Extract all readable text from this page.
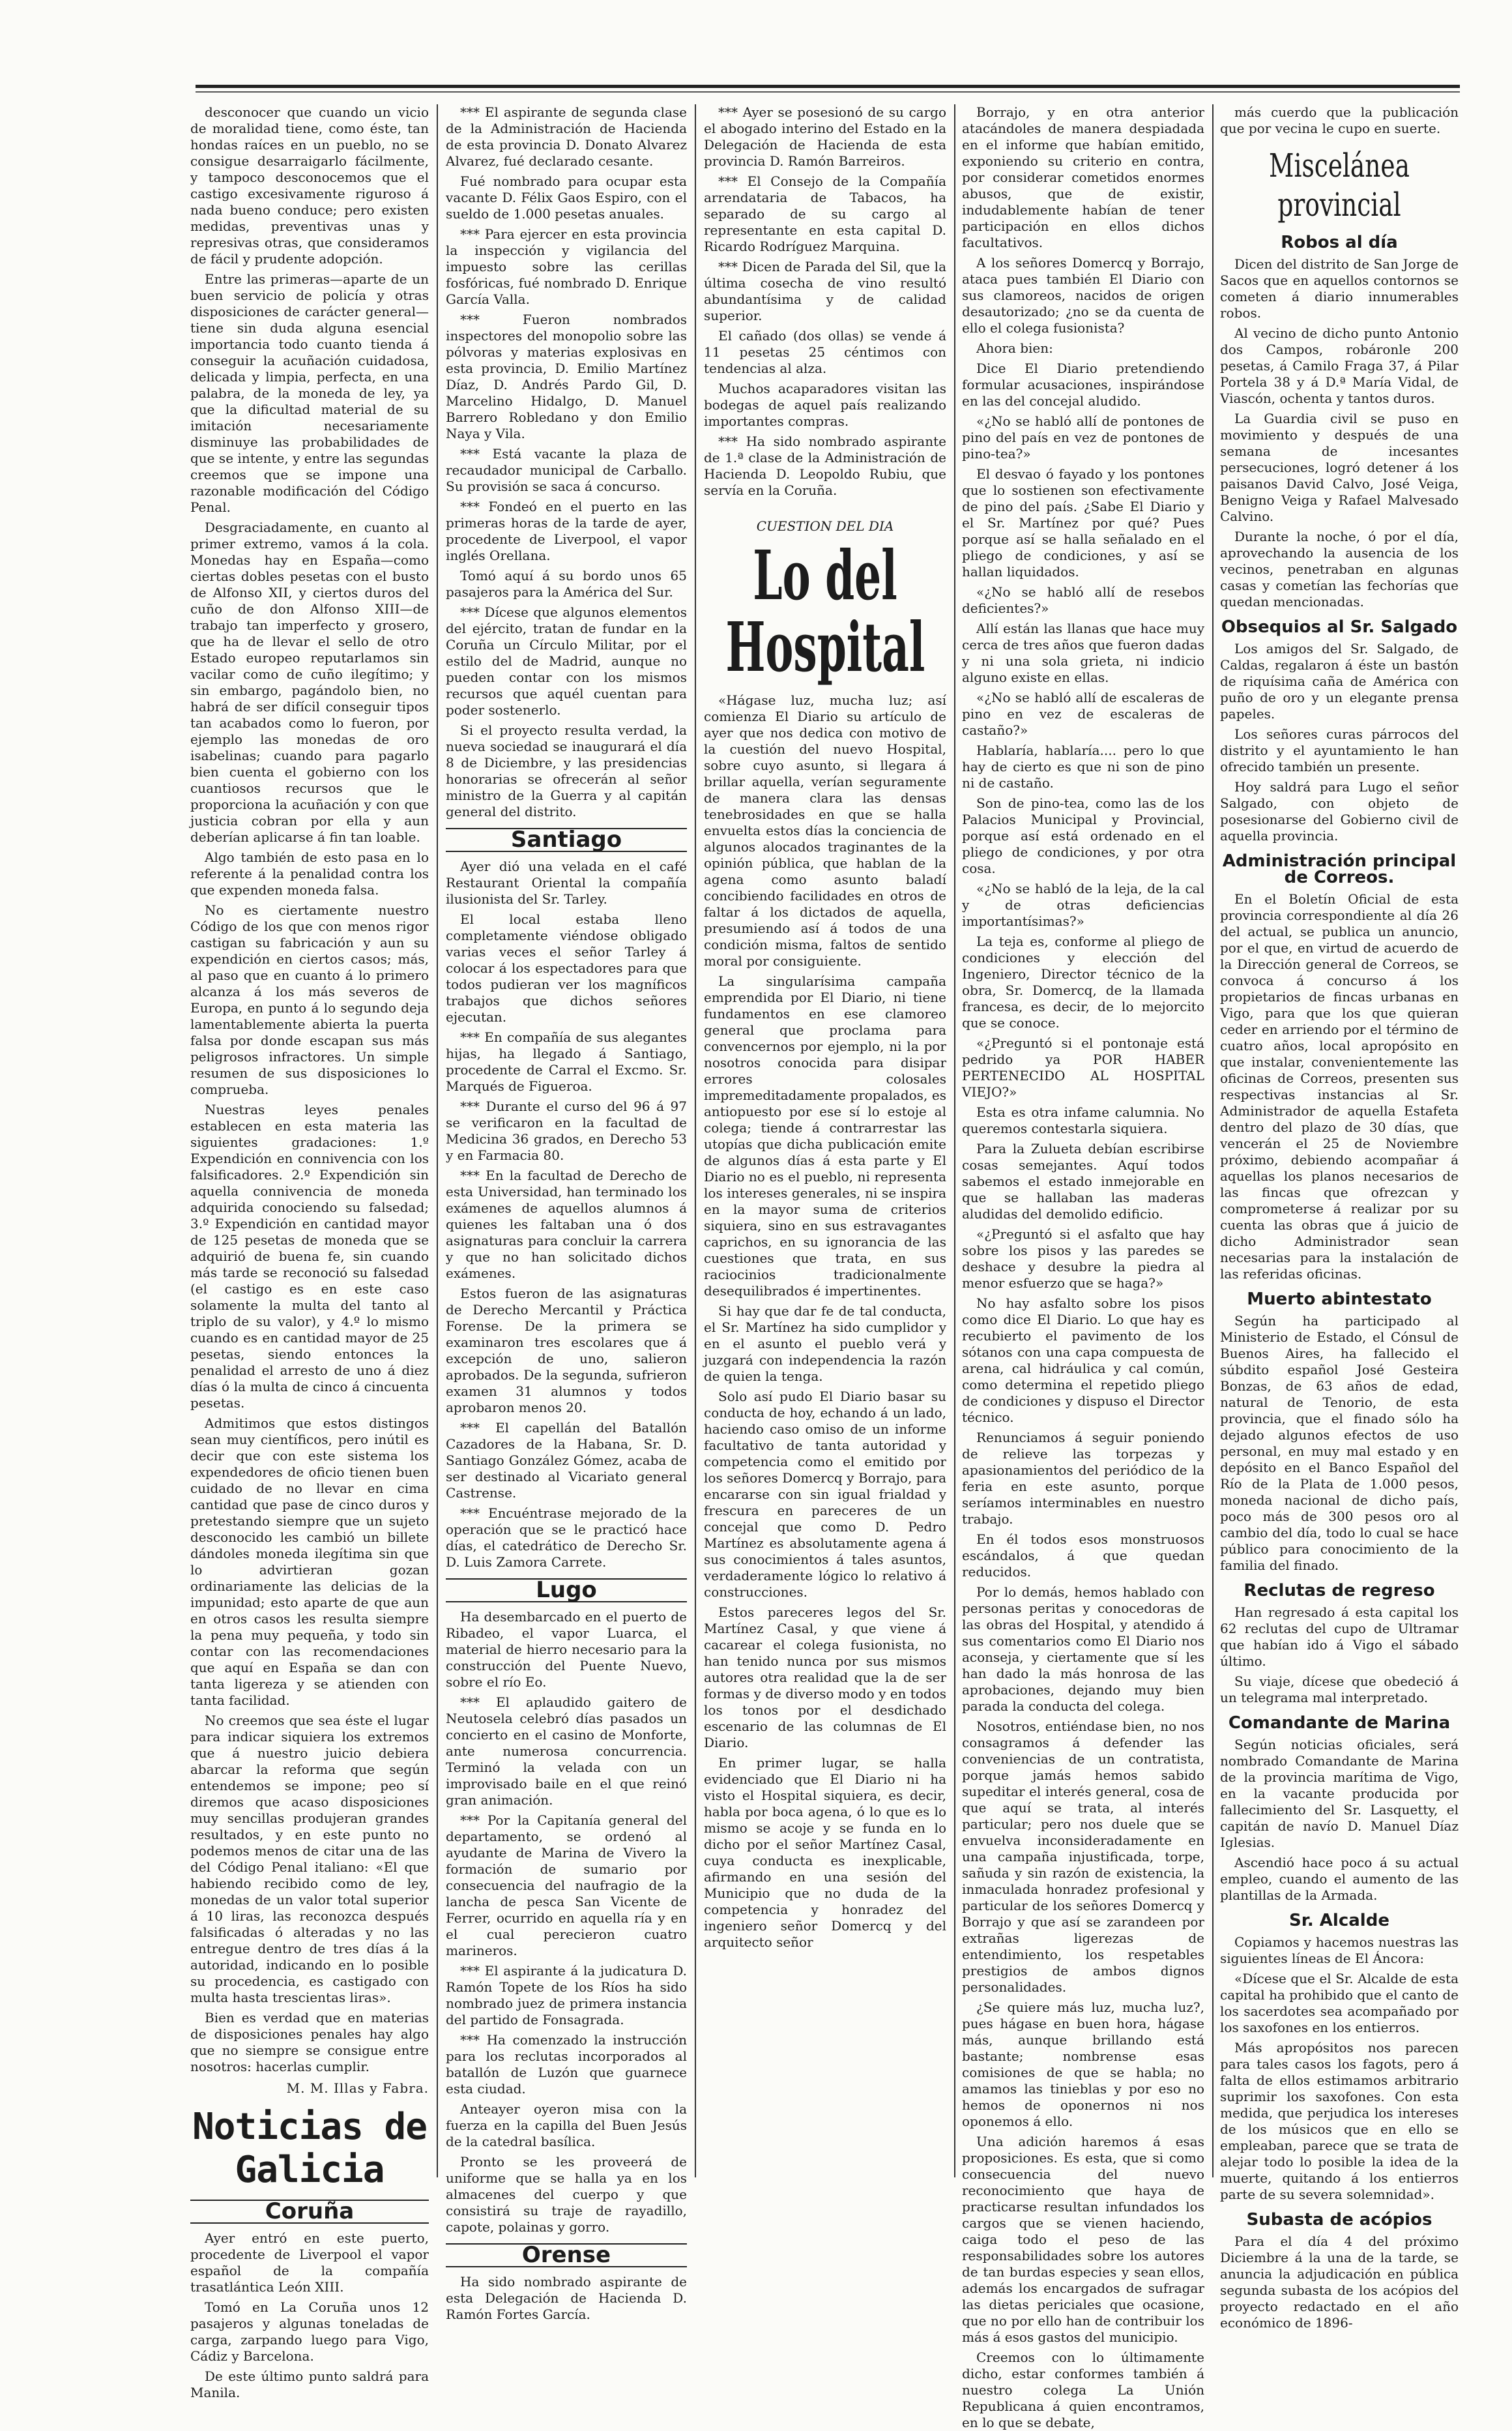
desconocer que cuando un vicio de moralidad tiene, como éste, tan hondas raíces en un pueblo, no se consigue desarraigarlo fácilmente, y tampoco desconocemos que el castigo excesivamente riguroso á nada bueno conduce; pero existen medidas, preventivas unas y represivas otras, que consideramos de fácil y prudente adopción.

Entre las primeras—aparte de un buen servicio de policía y otras disposiciones de carácter general—tiene sin duda alguna esencial importancia todo cuanto tienda á conseguir la acuñación cuidadosa, delicada y limpia, perfecta, en una palabra, de la moneda de ley, ya que la dificultad material de su imitación necesariamente disminuye las probabilidades de que se intente, y entre las segundas creemos que se impone una razonable modificación del Código Penal.

Desgraciadamente, en cuanto al primer extremo, vamos á la cola. Monedas hay en España—como ciertas dobles pesetas con el busto de Alfonso XII, y ciertos duros del cuño de don Alfonso XIII—de trabajo tan imperfecto y grosero, que ha de llevar el sello de otro Estado europeo reputarlamos sin vacilar como de cuño ilegítimo; y sin embargo, pagándolo bien, no habrá de ser difícil conseguir tipos tan acabados como lo fueron, por ejemplo las monedas de oro isabelinas; cuando para pagarlo bien cuenta el gobierno con los cuantiosos recursos que le proporciona la acuñación y con que justicia cobran por ella y aun deberían aplicarse á fin tan loable.

Algo también de esto pasa en lo referente á la penalidad contra los que expenden moneda falsa.

No es ciertamente nuestro Código de los que con menos rigor castigan su fabricación y aun su expendición en ciertos casos; más, al paso que en cuanto á lo primero alcanza á los más severos de Europa, en punto á lo segundo deja lamentablemente abierta la puerta falsa por donde escapan sus más peligrosos infractores. Un simple resumen de sus disposiciones lo comprueba.

Nuestras leyes penales establecen en esta materia las siguientes gradaciones: 1.º Expendición en connivencia con los falsificadores. 2.º Expendición sin aquella connivencia de moneda adquirida conociendo su falsedad; 3.º Expendición en cantidad mayor de 125 pesetas de moneda que se adquirió de buena fe, sin cuando más tarde se reconoció su falsedad (el castigo es en este caso solamente la multa del tanto al triplo de su valor), y 4.º lo mismo cuando es en cantidad mayor de 25 pesetas, siendo entonces la penalidad el arresto de uno á diez días ó la multa de cinco á cincuenta pesetas.

Admitimos que estos distingos sean muy científicos, pero inútil es decir que con este sistema los expendedores de oficio tienen buen cuidado de no llevar en cima cantidad que pase de cinco duros y pretestando siempre que un sujeto desconocido les cambió un billete dándoles moneda ilegítima sin que lo advirtieran gozan ordinariamente las delicias de la impunidad; esto aparte de que aun en otros casos les resulta siempre la pena muy pequeña, y todo sin contar con las recomendaciones que aquí en España se dan con tanta ligereza y se atienden con tanta facilidad.

No creemos que sea éste el lugar para indicar siquiera los extremos que á nuestro juicio debiera abarcar la reforma que según entendemos se impone; peo sí diremos que acaso disposiciones muy sencillas produjeran grandes resultados, y en este punto no podemos menos de citar una de las del Código Penal italiano: «El que habiendo recibido como de ley, monedas de un valor total superior á 10 liras, las reconozca después falsificadas ó alteradas y no las entregue dentro de tres días á la autoridad, indicando en lo posible su procedencia, es castigado con multa hasta trescientas liras».

Bien es verdad que en materias de disposiciones penales hay algo que no siempre se consigue entre nosotros: hacerlas cumplir.

M. M. Illas y Fabra.
Noticias de Galicia
Coruña

Ayer entró en este puerto, procedente de Liverpool el vapor español de la compañía trasatlántica León XIII.

Tomó en La Coruña unos 12 pasajeros y algunas toneladas de carga, zarpando luego para Vigo, Cádiz y Barcelona.

De este último punto saldrá para Manila.

*** El aspirante de segunda clase de la Administración de Hacienda de esta provincia D. Donato Alvarez Alvarez, fué declarado cesante.

Fué nombrado para ocupar esta vacante D. Félix Gaos Espiro, con el sueldo de 1.000 pesetas anuales.

*** Para ejercer en esta provincia la inspección y vigilancia del impuesto sobre las cerillas fosfóricas, fué nombrado D. Enrique García Valla.

*** Fueron nombrados inspectores del monopolio sobre las pólvoras y materias explosivas en esta provincia, D. Emilio Martínez Díaz, D. Andrés Pardo Gil, D. Marcelino Hidalgo, D. Manuel Barrero Robledano y don Emilio Naya y Vila.

*** Está vacante la plaza de recaudador municipal de Carballo. Su provisión se saca á concurso.

*** Fondeó en el puerto en las primeras horas de la tarde de ayer, procedente de Liverpool, el vapor inglés Orellana.

Tomó aquí á su bordo unos 65 pasajeros para la América del Sur.

*** Dícese que algunos elementos del ejército, tratan de fundar en la Coruña un Círculo Militar, por el estilo del de Madrid, aunque no pueden contar con los mismos recursos que aquél cuentan para poder sostenerlo.

Si el proyecto resulta verdad, la nueva sociedad se inaugurará el día 8 de Diciembre, y las presidencias honorarias se ofrecerán al señor ministro de la Guerra y al capitán general del distrito.

Santiago

Ayer dió una velada en el café Restaurant Oriental la compañía ilusionista del Sr. Tarley.

El local estaba lleno completamente viéndose obligado varias veces el señor Tarley á colocar á los espectadores para que todos pudieran ver los magníficos trabajos que dichos señores ejecutan.

*** En compañía de sus alegantes hijas, ha llegado á Santiago, procedente de Carral el Excmo. Sr. Marqués de Figueroa.

*** Durante el curso del 96 á 97 se verificaron en la facultad de Medicina 36 grados, en Derecho 53 y en Farmacia 80.

*** En la facultad de Derecho de esta Universidad, han terminado los exámenes de aquellos alumnos á quienes les faltaban una ó dos asignaturas para concluir la carrera y que no han solicitado dichos exámenes.

Estos fueron de las asignaturas de Derecho Mercantil y Práctica Forense. De la primera se examinaron tres escolares que á excepción de uno, salieron aprobados. De la segunda, sufrieron examen 31 alumnos y todos aprobaron menos 20.

*** El capellán del Batallón Cazadores de la Habana, Sr. D. Santiago González Gómez, acaba de ser destinado al Vicariato general Castrense.

*** Encuéntrase mejorado de la operación que se le practicó hace días, el catedrático de Derecho Sr. D. Luis Zamora Carrete.

Lugo

Ha desembarcado en el puerto de Ribadeo, el vapor Luarca, el material de hierro necesario para la construcción del Puente Nuevo, sobre el río Eo.

*** El aplaudido gaitero de Neutosela celebró días pasados un concierto en el casino de Monforte, ante numerosa concurrencia. Terminó la velada con un improvisado baile en el que reinó gran animación.

*** Por la Capitanía general del departamento, se ordenó al ayudante de Marina de Vivero la formación de sumario por consecuencia del naufragio de la lancha de pesca San Vicente de Ferrer, ocurrido en aquella ría y en el cual perecieron cuatro marineros.

*** El aspirante á la judicatura D. Ramón Topete de los Ríos ha sido nombrado juez de primera instancia del partido de Fonsagrada.

*** Ha comenzado la instrucción para los reclutas incorporados al batallón de Luzón que guarnece esta ciudad.

Anteayer oyeron misa con la fuerza en la capilla del Buen Jesús de la catedral basílica.

Pronto se les proveerá de uniforme que se halla ya en los almacenes del cuerpo y que consistirá su traje de rayadillo, capote, polainas y gorro.

Orense

Ha sido nombrado aspirante de esta Delegación de Hacienda D. Ramón Fortes García.

*** Ayer se posesionó de su cargo el abogado interino del Estado en la Delegación de Hacienda de esta provincia D. Ramón Barreiros.

*** El Consejo de la Compañía arrendataria de Tabacos, ha separado de su cargo al representante en esta capital D. Ricardo Rodríguez Marquina.

*** Dicen de Parada del Sil, que la última cosecha de vino resultó abundantísima y de calidad superior.

El cañado (dos ollas) se vende á 11 pesetas 25 céntimos con tendencias al alza.

Muchos acaparadores visitan las bodegas de aquel país realizando importantes compras.

*** Ha sido nombrado aspirante de 1.ª clase de la Administración de Hacienda D. Leopoldo Rubiu, que servía en la Coruña.

CUESTION DEL DIA
Lo del Hospital

«Hágase luz, mucha luz; así comienza El Diario su artículo de ayer que nos dedica con motivo de la cuestión del nuevo Hospital, sobre cuyo asunto, si llegara á brillar aquella, verían seguramente de manera clara las densas tenebrosidades en que se halla envuelta estos días la conciencia de algunos alocados traginantes de la opinión pública, que hablan de la agena como asunto baladí concibiendo facilidades en otros de faltar á los dictados de aquella, presumiendo así á todos de una condición misma, faltos de sentido moral por consiguiente.

La singularísima campaña emprendida por El Diario, ni tiene fundamentos en ese clamoreo general que proclama para convencernos por ejemplo, ni la por nosotros conocida para disipar errores colosales impremeditadamente propalados, es antiopuesto por ese sí lo estoje al colega; tiende á contrarrestar las utopías que dicha publicación emite de algunos días á esta parte y El Diario no es el pueblo, ni representa los intereses generales, ni se inspira en la mayor suma de criterios siquiera, sino en sus estravagantes caprichos, en su ignorancia de las cuestiones que trata, en sus raciocinios tradicionalmente desequilibrados é impertinentes.

Si hay que dar fe de tal conducta, el Sr. Martínez ha sido cumplidor y en el asunto el pueblo verá y juzgará con independencia la razón de quien la tenga.

Solo así pudo El Diario basar su conducta de hoy, echando á un lado, haciendo caso omiso de un informe facultativo de tanta autoridad y competencia como el emitido por los señores Domercq y Borrajo, para encararse con sin igual frialdad y frescura en pareceres de un concejal que como D. Pedro Martínez es absolutamente agena á sus conocimientos á tales asuntos, verdaderamente lógico lo relativo á construcciones.

Estos pareceres legos del Sr. Martínez Casal, y que viene á cacarear el colega fusionista, no han tenido nunca por sus mismos autores otra realidad que la de ser formas y de diverso modo y en todos los tonos por el desdichado escenario de las columnas de El Diario.

En primer lugar, se halla evidenciado que El Diario ni ha visto el Hospital siquiera, es decir, habla por boca agena, ó lo que es lo mismo se acoje y se funda en lo dicho por el señor Martínez Casal, cuya conducta es inexplicable, afirmando en una sesión del Municipio que no duda de la competencia y honradez del ingeniero señor Domercq y del arquitecto señor

Borrajo, y en otra anterior atacándoles de manera despiadada en el informe que habían emitido, exponiendo su criterio en contra, por considerar cometidos enormes abusos, que de existir, indudablemente habían de tener participación en ellos dichos facultativos.

A los señores Domercq y Borrajo, ataca pues también El Diario con sus clamoreos, nacidos de origen desautorizado; ¿no se da cuenta de ello el colega fusionista?

Ahora bien:

Dice El Diario pretendiendo formular acusaciones, inspirándose en las del concejal aludido.

«¿No se habló allí de pontones de pino del país en vez de pontones de pino-tea?»

El desvao ó fayado y los pontones que lo sostienen son efectivamente de pino del país. ¿Sabe El Diario y el Sr. Martínez por qué? Pues porque así se halla señalado en el pliego de condiciones, y así se hallan liquidados.

«¿No se habló allí de resebos deficientes?»

Allí están las llanas que hace muy cerca de tres años que fueron dadas y ni una sola grieta, ni indicio alguno existe en ellas.

«¿No se habló allí de escaleras de pino en vez de escaleras de castaño?»

Hablaría, hablaría.... pero lo que hay de cierto es que ni son de pino ni de castaño.

Son de pino-tea, como las de los Palacios Municipal y Provincial, porque así está ordenado en el pliego de condiciones, y por otra cosa.

«¿No se habló de la leja, de la cal y de otras deficiencias importantísimas?»

La teja es, conforme al pliego de condiciones y elección del Ingeniero, Director técnico de la obra, Sr. Domercq, de la llamada francesa, es decir, de lo mejorcito que se conoce.

«¿Preguntó si el pontonaje está pedrido ya POR HABER PERTENECIDO AL HOSPITAL VIEJO?»

Esta es otra infame calumnia. No queremos contestarla siquiera.

Para la Zulueta debían escribirse cosas semejantes. Aquí todos sabemos el estado inmejorable en que se hallaban las maderas aludidas del demolido edificio.

«¿Preguntó si el asfalto que hay sobre los pisos y las paredes se deshace y desubre la piedra al menor esfuerzo que se haga?»

No hay asfalto sobre los pisos como dice El Diario. Lo que hay es recubierto el pavimento de los sótanos con una capa compuesta de arena, cal hidráulica y cal común, como determina el repetido pliego de condiciones y dispuso el Director técnico.

Renunciamos á seguir poniendo de relieve las torpezas y apasionamientos del periódico de la feria en este asunto, porque seríamos interminables en nuestro trabajo.

En él todos esos monstruosos escándalos, á que quedan reducidos.

Por lo demás, hemos hablado con personas peritas y conocedoras de las obras del Hospital, y atendido á sus comentarios como El Diario nos aconseja, y ciertamente que sí les han dado la más honrosa de las aprobaciones, dejando muy bien parada la conducta del colega.

Nosotros, entiéndase bien, no nos consagramos á defender las conveniencias de un contratista, porque jamás hemos sabido supeditar el interés general, cosa de que aquí se trata, al interés particular; pero nos duele que se envuelva inconsideradamente en una campaña injustificada, torpe, sañuda y sin razón de existencia, la inmaculada honradez profesional y particular de los señores Domercq y Borrajo y que así se zarandeen por extrañas ligerezas de entendimiento, los respetables prestigios de ambos dignos personalidades.

¿Se quiere más luz, mucha luz?, pues hágase en buen hora, hágase más, aunque brillando está bastante; nombrense esas comisiones de que se habla; no amamos las tinieblas y por eso no hemos de oponernos ni nos oponemos á ello.

Una adición haremos á esas proposiciones. Es esta, que si como consecuencia del nuevo reconocimiento que haya de practicarse resultan infundados los cargos que se vienen haciendo, caiga todo el peso de las responsabilidades sobre los autores de tan burdas especies y sean ellos, además los encargados de sufragar las dietas periciales que ocasione, que no por ello han de contribuir los más á esos gastos del municipio.

Creemos con lo últimamente dicho, estar conformes también á nuestro colega La Unión Republicana á quien encontramos, en lo que se debate,

más cuerdo que la publicación que por vecina le cupo en suerte.

Miscelánea provincial
Robos al día

Dicen del distrito de San Jorge de Sacos que en aquellos contornos se cometen á diario innumerables robos.

Al vecino de dicho punto Antonio dos Campos, robáronle 200 pesetas, á Camilo Fraga 37, á Pilar Portela 38 y á D.ª María Vidal, de Viascón, ochenta y tantos duros.

La Guardia civil se puso en movimiento y después de una semana de incesantes persecuciones, logró detener á los paisanos David Calvo, José Veiga, Benigno Veiga y Rafael Malvesado Calvino.

Durante la noche, ó por el día, aprovechando la ausencia de los vecinos, penetraban en algunas casas y cometían las fechorías que quedan mencionadas.

Obsequios al Sr. Salgado

Los amigos del Sr. Salgado, de Caldas, regalaron á éste un bastón de riquísima caña de América con puño de oro y un elegante prensa papeles.

Los señores curas párrocos del distrito y el ayuntamiento le han ofrecido también un presente.

Hoy saldrá para Lugo el señor Salgado, con objeto de posesionarse del Gobierno civil de aquella provincia.

Administración principal de Correos.

En el Boletín Oficial de esta provincia correspondiente al día 26 del actual, se publica un anuncio, por el que, en virtud de acuerdo de la Dirección general de Correos, se convoca á concurso á los propietarios de fincas urbanas en Vigo, para que los que quieran ceder en arriendo por el término de cuatro años, local apropósito en que instalar, convenientemente las oficinas de Correos, presenten sus respectivas instancias al Sr. Administrador de aquella Estafeta dentro del plazo de 30 días, que vencerán el 25 de Noviembre próximo, debiendo acompañar á aquellas los planos necesarios de las fincas que ofrezcan y comprometerse á realizar por su cuenta las obras que á juicio de dicho Administrador sean necesarias para la instalación de las referidas oficinas.

Muerto abintestato

Según ha participado al Ministerio de Estado, el Cónsul de Buenos Aires, ha fallecido el súbdito español José Gesteira Bonzas, de 63 años de edad, natural de Tenorio, de esta provincia, que el finado sólo ha dejado algunos efectos de uso personal, en muy mal estado y en depósito en el Banco Español del Río de la Plata de 1.000 pesos, moneda nacional de dicho país, poco más de 300 pesos oro al cambio del día, todo lo cual se hace público para conocimiento de la familia del finado.

Reclutas de regreso

Han regresado á esta capital los 62 reclutas del cupo de Ultramar que habían ido á Vigo el sábado último.

Su viaje, dícese que obedeció á un telegrama mal interpretado.

Comandante de Marina

Según noticias oficiales, será nombrado Comandante de Marina de la provincia marítima de Vigo, en la vacante producida por fallecimiento del Sr. Lasquetty, el capitán de navío D. Manuel Díaz Iglesias.

Ascendió hace poco á su actual empleo, cuando el aumento de las plantillas de la Armada.

Sr. Alcalde

Copiamos y hacemos nuestras las siguientes líneas de El Áncora:

«Dícese que el Sr. Alcalde de esta capital ha prohibido que el canto de los sacerdotes sea acompañado por los saxofones en los entierros.

Más apropósitos nos parecen para tales casos los fagots, pero á falta de ellos estimamos arbitrario suprimir los saxofones. Con esta medida, que perjudica los intereses de los músicos que en ello se empleaban, parece que se trata de alejar todo lo posible la idea de la muerte, quitando á los entierros parte de su severa solemnidad».

Subasta de acópios

Para el día 4 del próximo Diciembre á la una de la tarde, se anuncia la adjudicación en pública segunda subasta de los acópios del proyecto redactado en el año económico de 1896-
